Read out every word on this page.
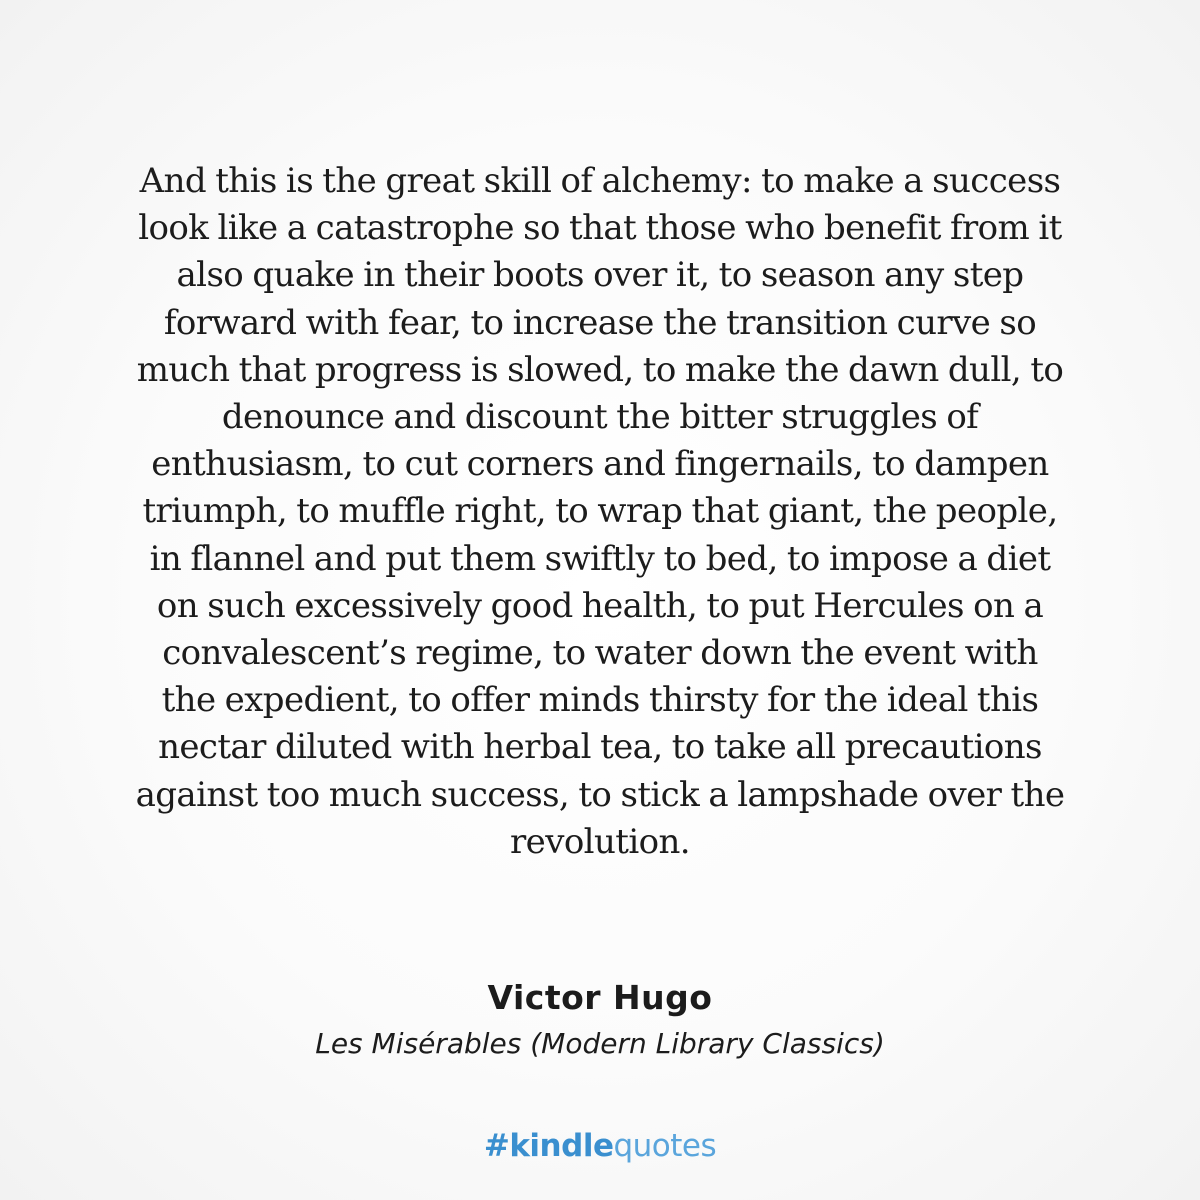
And this is the great skill of alchemy: to make a success
look like a catastrophe so that those who benefit from it
also quake in their boots over it, to season any step
forward with fear, to increase the transition curve so
much that progress is slowed, to make the dawn dull, to
denounce and discount the bitter struggles of
enthusiasm, to cut corners and fingernails, to dampen
triumph, to muffle right, to wrap that giant, the people,
in flannel and put them swiftly to bed, to impose a diet
on such excessively good health, to put Hercules on a
convalescent’s regime, to water down the event with
the expedient, to offer minds thirsty for the ideal this
nectar diluted with herbal tea, to take all precautions
against too much success, to stick a lampshade over the
revolution.

Victor Hugo
Les Misérables (Modern Library Classics)
#kindlequotes
